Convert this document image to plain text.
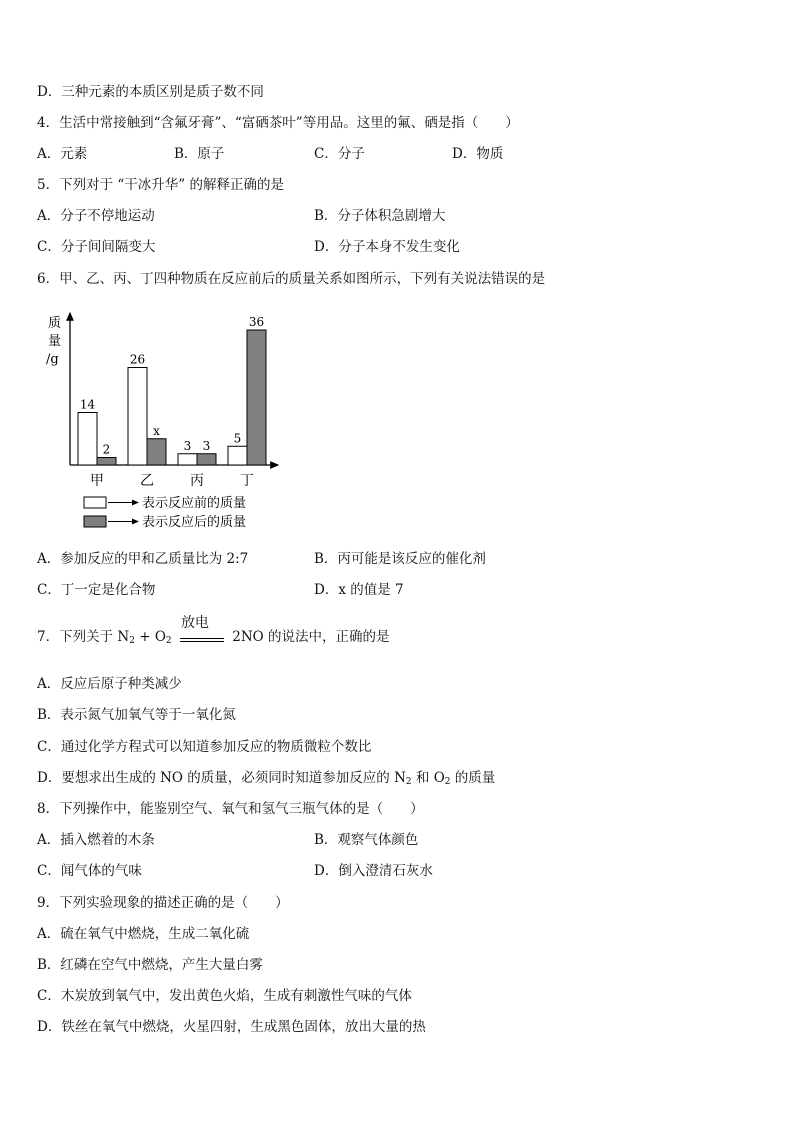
D．三种元素的本质区别是质子数不同
4．生活中常接触到“含氟牙膏”、“富硒茶叶”等用品。这里的氟、硒是指（　　）
A．元素	B．原子	C．分子	D．物质
5．下列对于 “干冰升华” 的解释正确的是
A．分子不停地运动	B．分子体积急剧增大
C．分子间间隔变大	D．分子本身不发生变化
6．甲、乙、丙、丁四种物质在反应前后的质量关系如图所示，下列有关说法错误的是
质
量
/g
14
2
26
x
3 3
5
36
甲	乙	丙	丁
表示反应前的质量
表示反应后的质量
A．参加反应的甲和乙质量比为 2:7	B．丙可能是该反应的催化剂
C．丁一定是化合物	D．x 的值是 7
7．下列关于 $N_2 + O_2$
放电
2NO 的说法中，正确的是
A．反应后原子种类减少
B．表示氮气加氧气等于一氧化氮
C．通过化学方程式可以知道参加反应的物质微粒个数比
D．要想求出生成的 NO 的质量，必须同时知道参加反应的 $N_2$ 和 $O_2$ 的质量
8．下列操作中，能鉴别空气、氧气和氢气三瓶气体的是（　　）
A．插入燃着的木条	B．观察气体颜色
C．闻气体的气味	D．倒入澄清石灰水
9．下列实验现象的描述正确的是（　　）
A．硫在氧气中燃烧，生成二氧化硫
B．红磷在空气中燃烧，产生大量白雾
C．木炭放到氧气中，发出黄色火焰，生成有刺激性气味的气体
D．铁丝在氧气中燃烧，火星四射，生成黑色固体，放出大量的热
